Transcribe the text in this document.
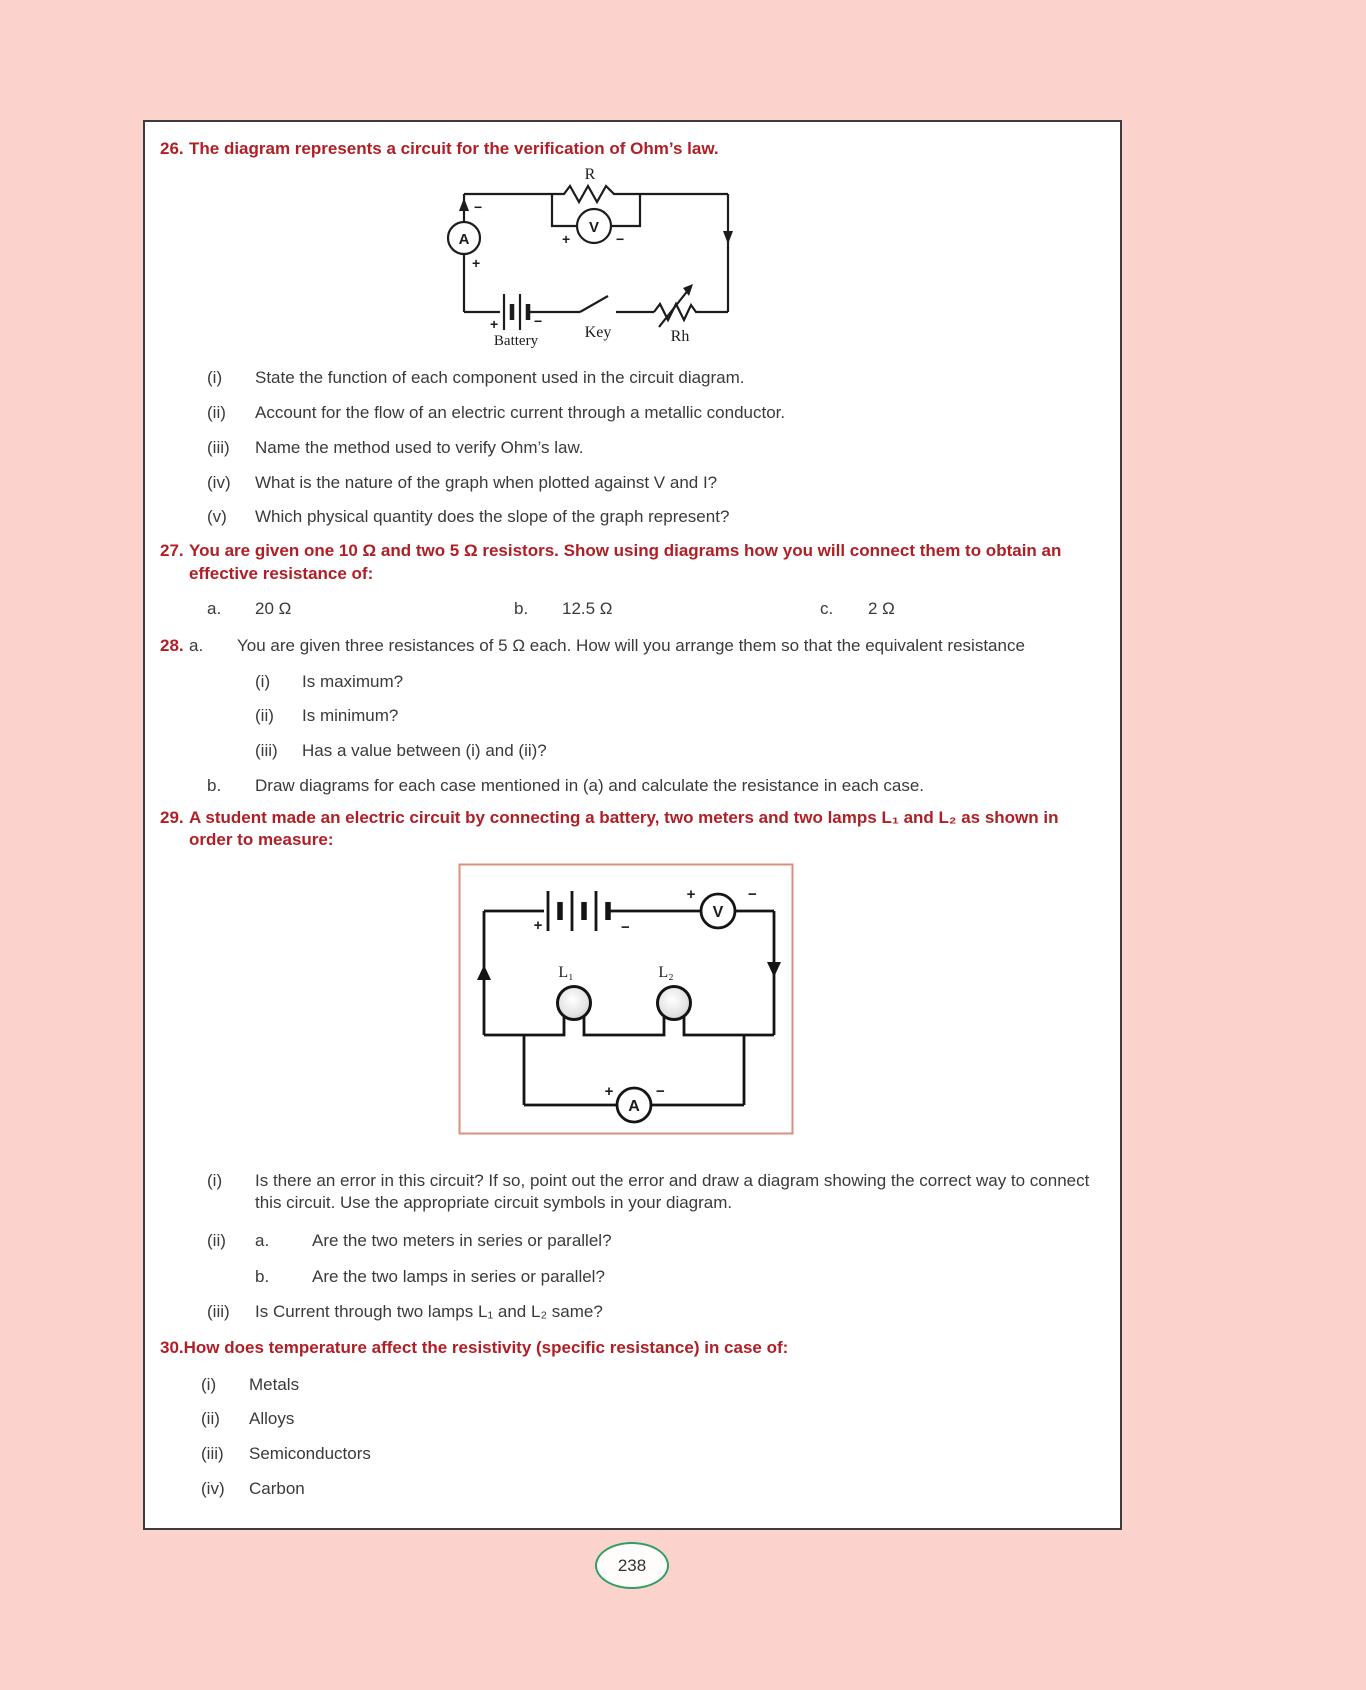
26. The diagram represents a circuit for the verification of Ohm’s law.
R
−
+
A
V
+	−
+	−
Battery	Key	Rh
(i)	State the function of each component used in the circuit diagram.
(ii)	Account for the flow of an electric current through a metallic conductor.
(iii)	Name the method used to verify Ohm’s law.
(iv)	What is the nature of the graph when plotted against V and I?
(v)	Which physical quantity does the slope of the graph represent?
27. You are given one 10 Ω and two 5 Ω resistors. Show using diagrams how you will connect them to obtain an effective resistance of:
a.	20 Ω	b.	12.5 Ω	c.	2 Ω
28. a.	You are given three resistances of 5 Ω each. How will you arrange them so that the equivalent resistance
(i)	Is maximum?
(ii)	Is minimum?
(iii)	Has a value between (i) and (ii)?
b.	Draw diagrams for each case mentioned in (a) and calculate the resistance in each case.
29. A student made an electric circuit by connecting a battery, two meters and two lamps L₁ and L₂ as shown in order to measure:
+	−
V
+	−
L₁	L₂
A
+	−
(i)	Is there an error in this circuit? If so, point out the error and draw a diagram showing the correct way to connect this circuit. Use the appropriate circuit symbols in your diagram.
(ii)	a.	Are the two meters in series or parallel?
b.	Are the two lamps in series or parallel?
(iii)	Is Current through two lamps L₁ and L₂ same?
30. How does temperature affect the resistivity (specific resistance) in case of:
(i)	Metals
(ii)	Alloys
(iii)	Semiconductors
(iv)	Carbon
238
